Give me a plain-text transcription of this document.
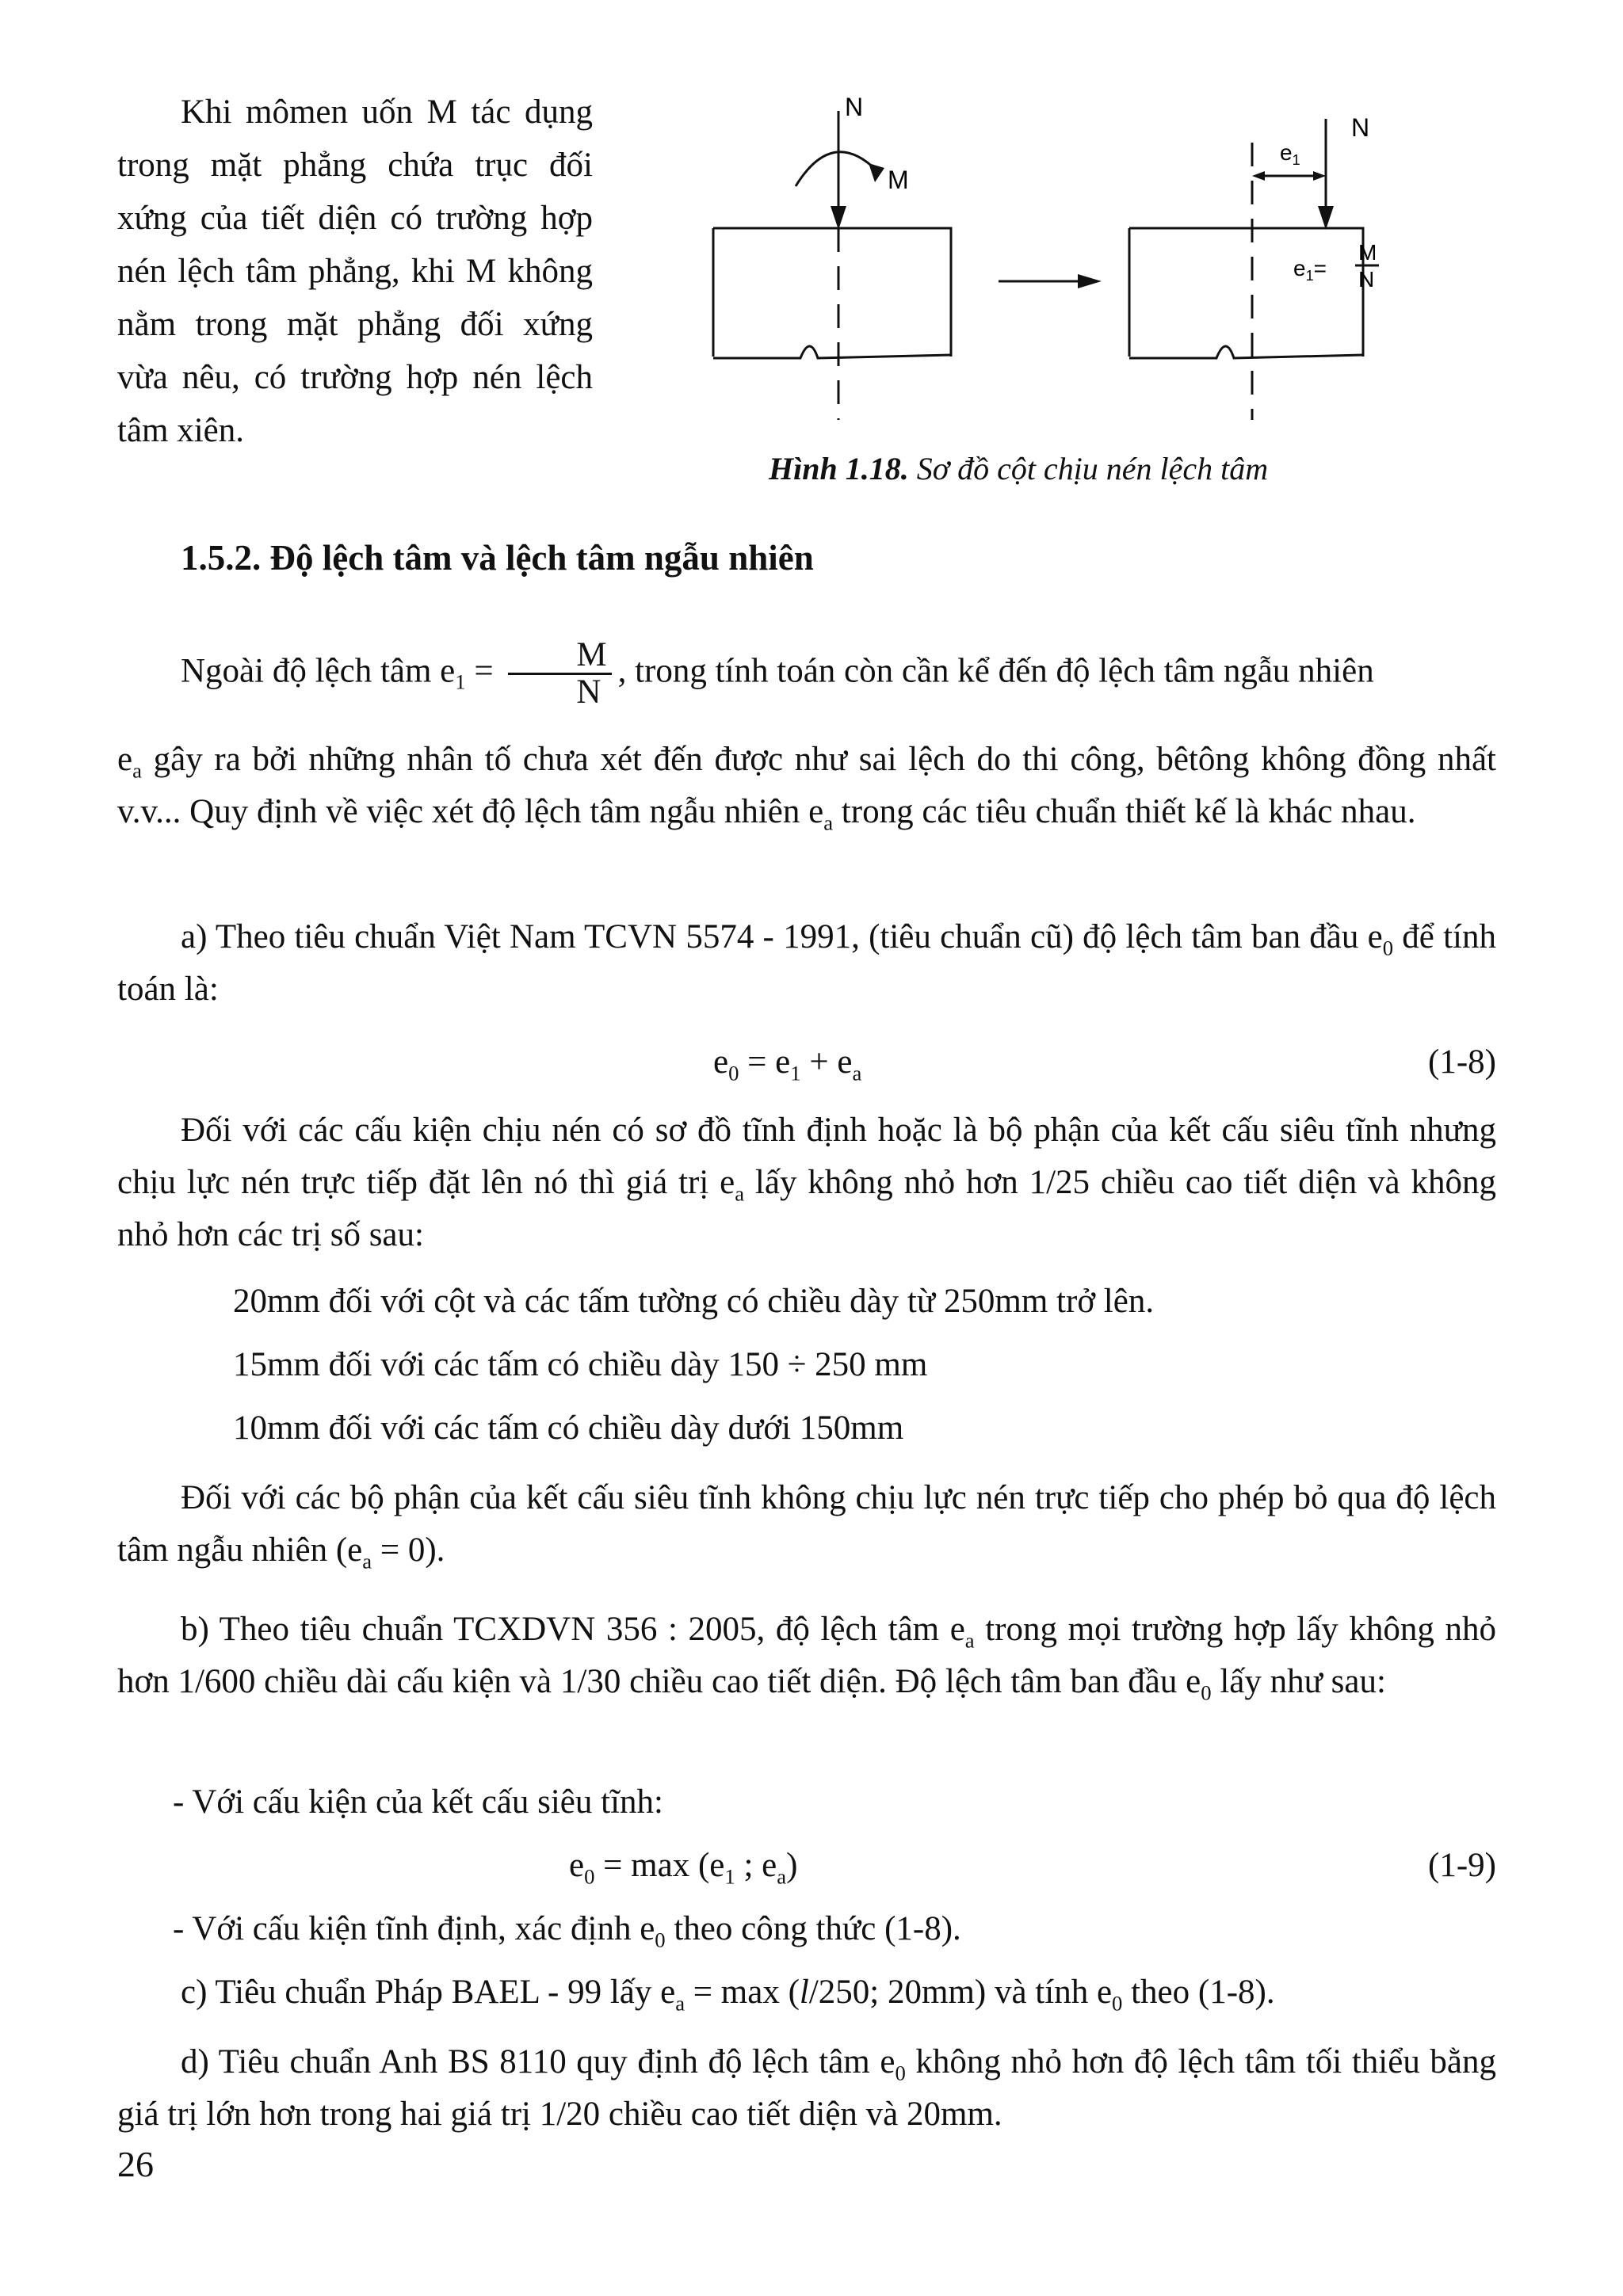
Khi mômen uốn M tác dụng trong mặt phẳng chứa trục đối xứng của tiết diện có trường hợp nén lệch tâm phẳng, khi M không nằm trong mặt phẳng đối xứng vừa nêu, có trường hợp nén lệch tâm xiên.

N
M
N
$e_1$
$e_1=$
M
N
Hình 1.18. Sơ đồ cột chịu nén lệch tâm
1.5.2. Độ lệch tâm và lệch tâm ngẫu nhiên

Ngoài độ lệch tâm $e_1 = \frac{M}{N}$ , trong tính toán còn cần kể đến độ lệch tâm ngẫu nhiên

$e_a$ gây ra bởi những nhân tố chưa xét đến được như sai lệch do thi công, bêtông không đồng nhất v.v... Quy định về việc xét độ lệch tâm ngẫu nhiên $e_a$ trong các tiêu chuẩn thiết kế là khác nhau.

a) Theo tiêu chuẩn Việt Nam TCVN 5574 - 1991, (tiêu chuẩn cũ) độ lệch tâm ban đầu $e_0$ để tính toán là:

$e_0 = e_1 + e_a$	(1-8)

Đối với các cấu kiện chịu nén có sơ đồ tĩnh định hoặc là bộ phận của kết cấu siêu tĩnh nhưng chịu lực nén trực tiếp đặt lên nó thì giá trị $e_a$ lấy không nhỏ hơn 1/25 chiều cao tiết diện và không nhỏ hơn các trị số sau:

20mm đối với cột và các tấm tường có chiều dày từ 250mm trở lên.
15mm đối với các tấm có chiều dày 150 ÷ 250 mm
10mm đối với các tấm có chiều dày dưới 150mm

Đối với các bộ phận của kết cấu siêu tĩnh không chịu lực nén trực tiếp cho phép bỏ qua độ lệch tâm ngẫu nhiên $(e_a = 0)$.

b) Theo tiêu chuẩn TCXDVN 356 : 2005, độ lệch tâm $e_a$ trong mọi trường hợp lấy không nhỏ hơn 1/600 chiều dài cấu kiện và 1/30 chiều cao tiết diện. Độ lệch tâm ban đầu $e_0$ lấy như sau:

- Với cấu kiện của kết cấu siêu tĩnh:
$e_0 = \max (e_1$ ; $e_a$)	(1-9)
- Với cấu kiện tĩnh định, xác định $e_0$ theo công thức (1-8).
c) Tiêu chuẩn Pháp BAEL - 99 lấy $e_a = \max (l/250$; 20mm) và tính $e_0$ theo (1-8).

d) Tiêu chuẩn Anh BS 8110 quy định độ lệch tâm $e_0$ không nhỏ hơn độ lệch tâm tối thiểu bằng giá trị lớn hơn trong hai giá trị 1/20 chiều cao tiết diện và 20mm.

26
